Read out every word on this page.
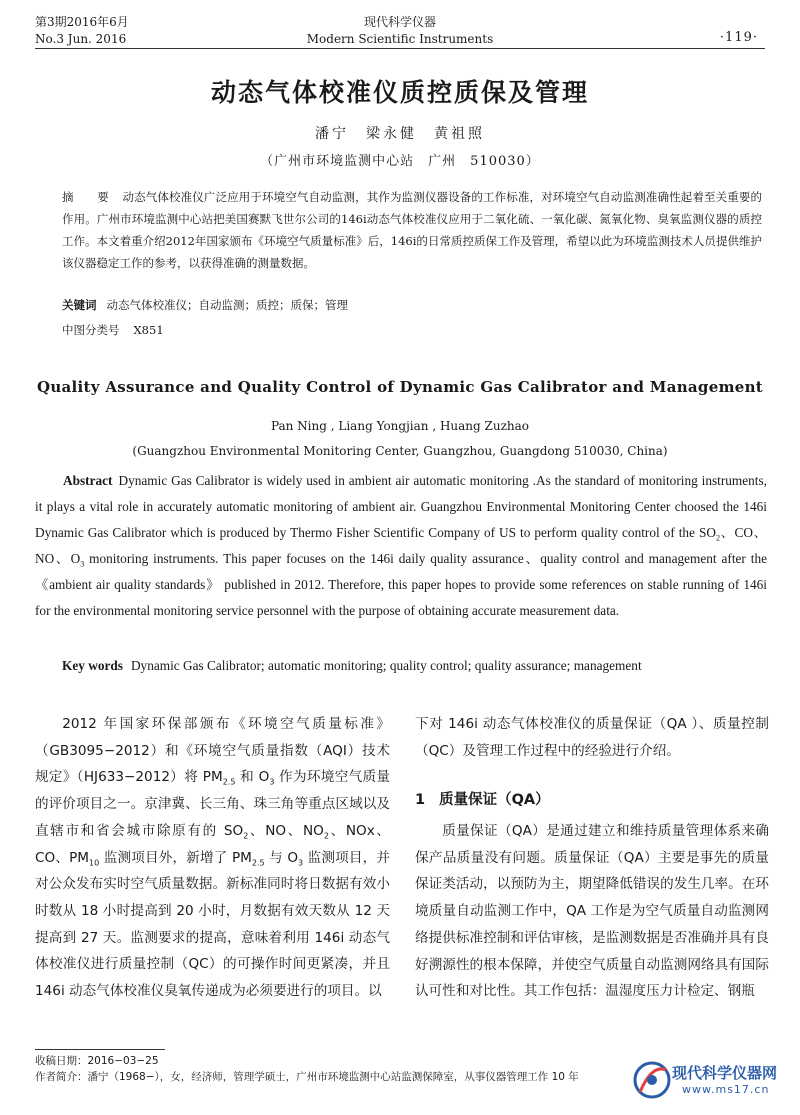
第3期2016年6月
No.3 Jun. 2016
现代科学仪器
Modern Scientific Instruments	·119·
动态气体校准仪质控质保及管理
潘宁　梁永健　黄祖照
（广州市环境监测中心站　广州　510030）
摘　要 动态气体校准仪广泛应用于环境空气自动监测，其作为监测仪器设备的工作标准，对环境空气自动监测准确性起着至关重要的作用。广州市环境监测中心站把美国赛默飞世尔公司的146i动态气体校准仪应用于二氧化硫、一氧化碳、氮氧化物、臭氧监测仪器的质控工作。本文着重介绍2012年国家颁布《环境空气质量标准》后，146i的日常质控质保工作及管理，希望以此为环境监测技术人员提供维护该仪器稳定工作的参考，以获得准确的测量数据。
关键词 动态气体校准仪；自动监测；质控；质保；管理
中图分类号 X851
Quality Assurance and Quality Control of Dynamic Gas Calibrator and Management
Pan Ning , Liang Yongjian , Huang Zuzhao
(Guangzhou Environmental Monitoring Center, Guangzhou, Guangdong 510030, China)
Abstract Dynamic Gas Calibrator is widely used in ambient air automatic monitoring .As the standard of monitoring instruments, it plays a vital role in accurately automatic monitoring of ambient air. Guangzhou Environmental Monitoring Center choosed the 146i Dynamic Gas Calibrator which is produced by Thermo Fisher Scientific Company of US to perform quality control of the $SO_2$、CO、NO、$O_3$ monitoring instruments. This paper focuses on the 146i daily quality assurance、quality control and management after the 《ambient air quality standards》 published in 2012. Therefore, this paper hopes to provide some references on stable running of 146i for the environmental monitoring service personnel with the purpose of obtaining accurate measurement data.
Key words Dynamic Gas Calibrator; automatic monitoring; quality control; quality assurance; management
2012 年国家环保部颁布《环境空气质量标准》（GB3095−2012）和《环境空气质量指数（AQI）技术规定》（HJ633−2012）将 $PM_{2.5}$ 和 $O_3$ 作为环境空气质量的评价项目之一。京津冀、长三角、珠三角等重点区域以及直辖市和省会城市除原有的 $SO_2$、NO、$NO_2$、NOx、CO、$PM_{10}$ 监测项目外，新增了 $PM_{2.5}$ 与 $O_3$ 监测项目，并对公众发布实时空气质量数据。新标准同时将日数据有效小时数从 18 小时提高到 20 小时，月数据有效天数从 12 天提高到 27 天。监测要求的提高，意味着利用 146i 动态气体校准仪进行质量控制（QC）的可操作时间更紧凑，并且 146i 动态气体校准仪臭氧传递成为必须要进行的项目。以
下对 146i 动态气体校准仪的质量保证（QA ）、质量控制（QC）及管理工作过程中的经验进行介绍。
1 质量保证（QA）
质量保证（QA）是通过建立和维持质量管理体系来确保产品质量没有问题。质量保证（QA）主要是事先的质量保证类活动，以预防为主，期望降低错误的发生几率。在环境质量自动监测工作中，QA 工作是为空气质量自动监测网络提供标准控制和评估审核，是监测数据是否准确并具有良好溯源性的根本保障，并使空气质量自动监测网络具有国际认可性和对比性。其工作包括：温湿度压力计检定、钢瓶
收稿日期：2016−03−25
作者简介：潘宁（1968−），女，经济师，管理学硕士，广州市环境监测中心站监测保障室，从事仪器管理工作 10 年	现代科学仪器网
www.ms17.cn
